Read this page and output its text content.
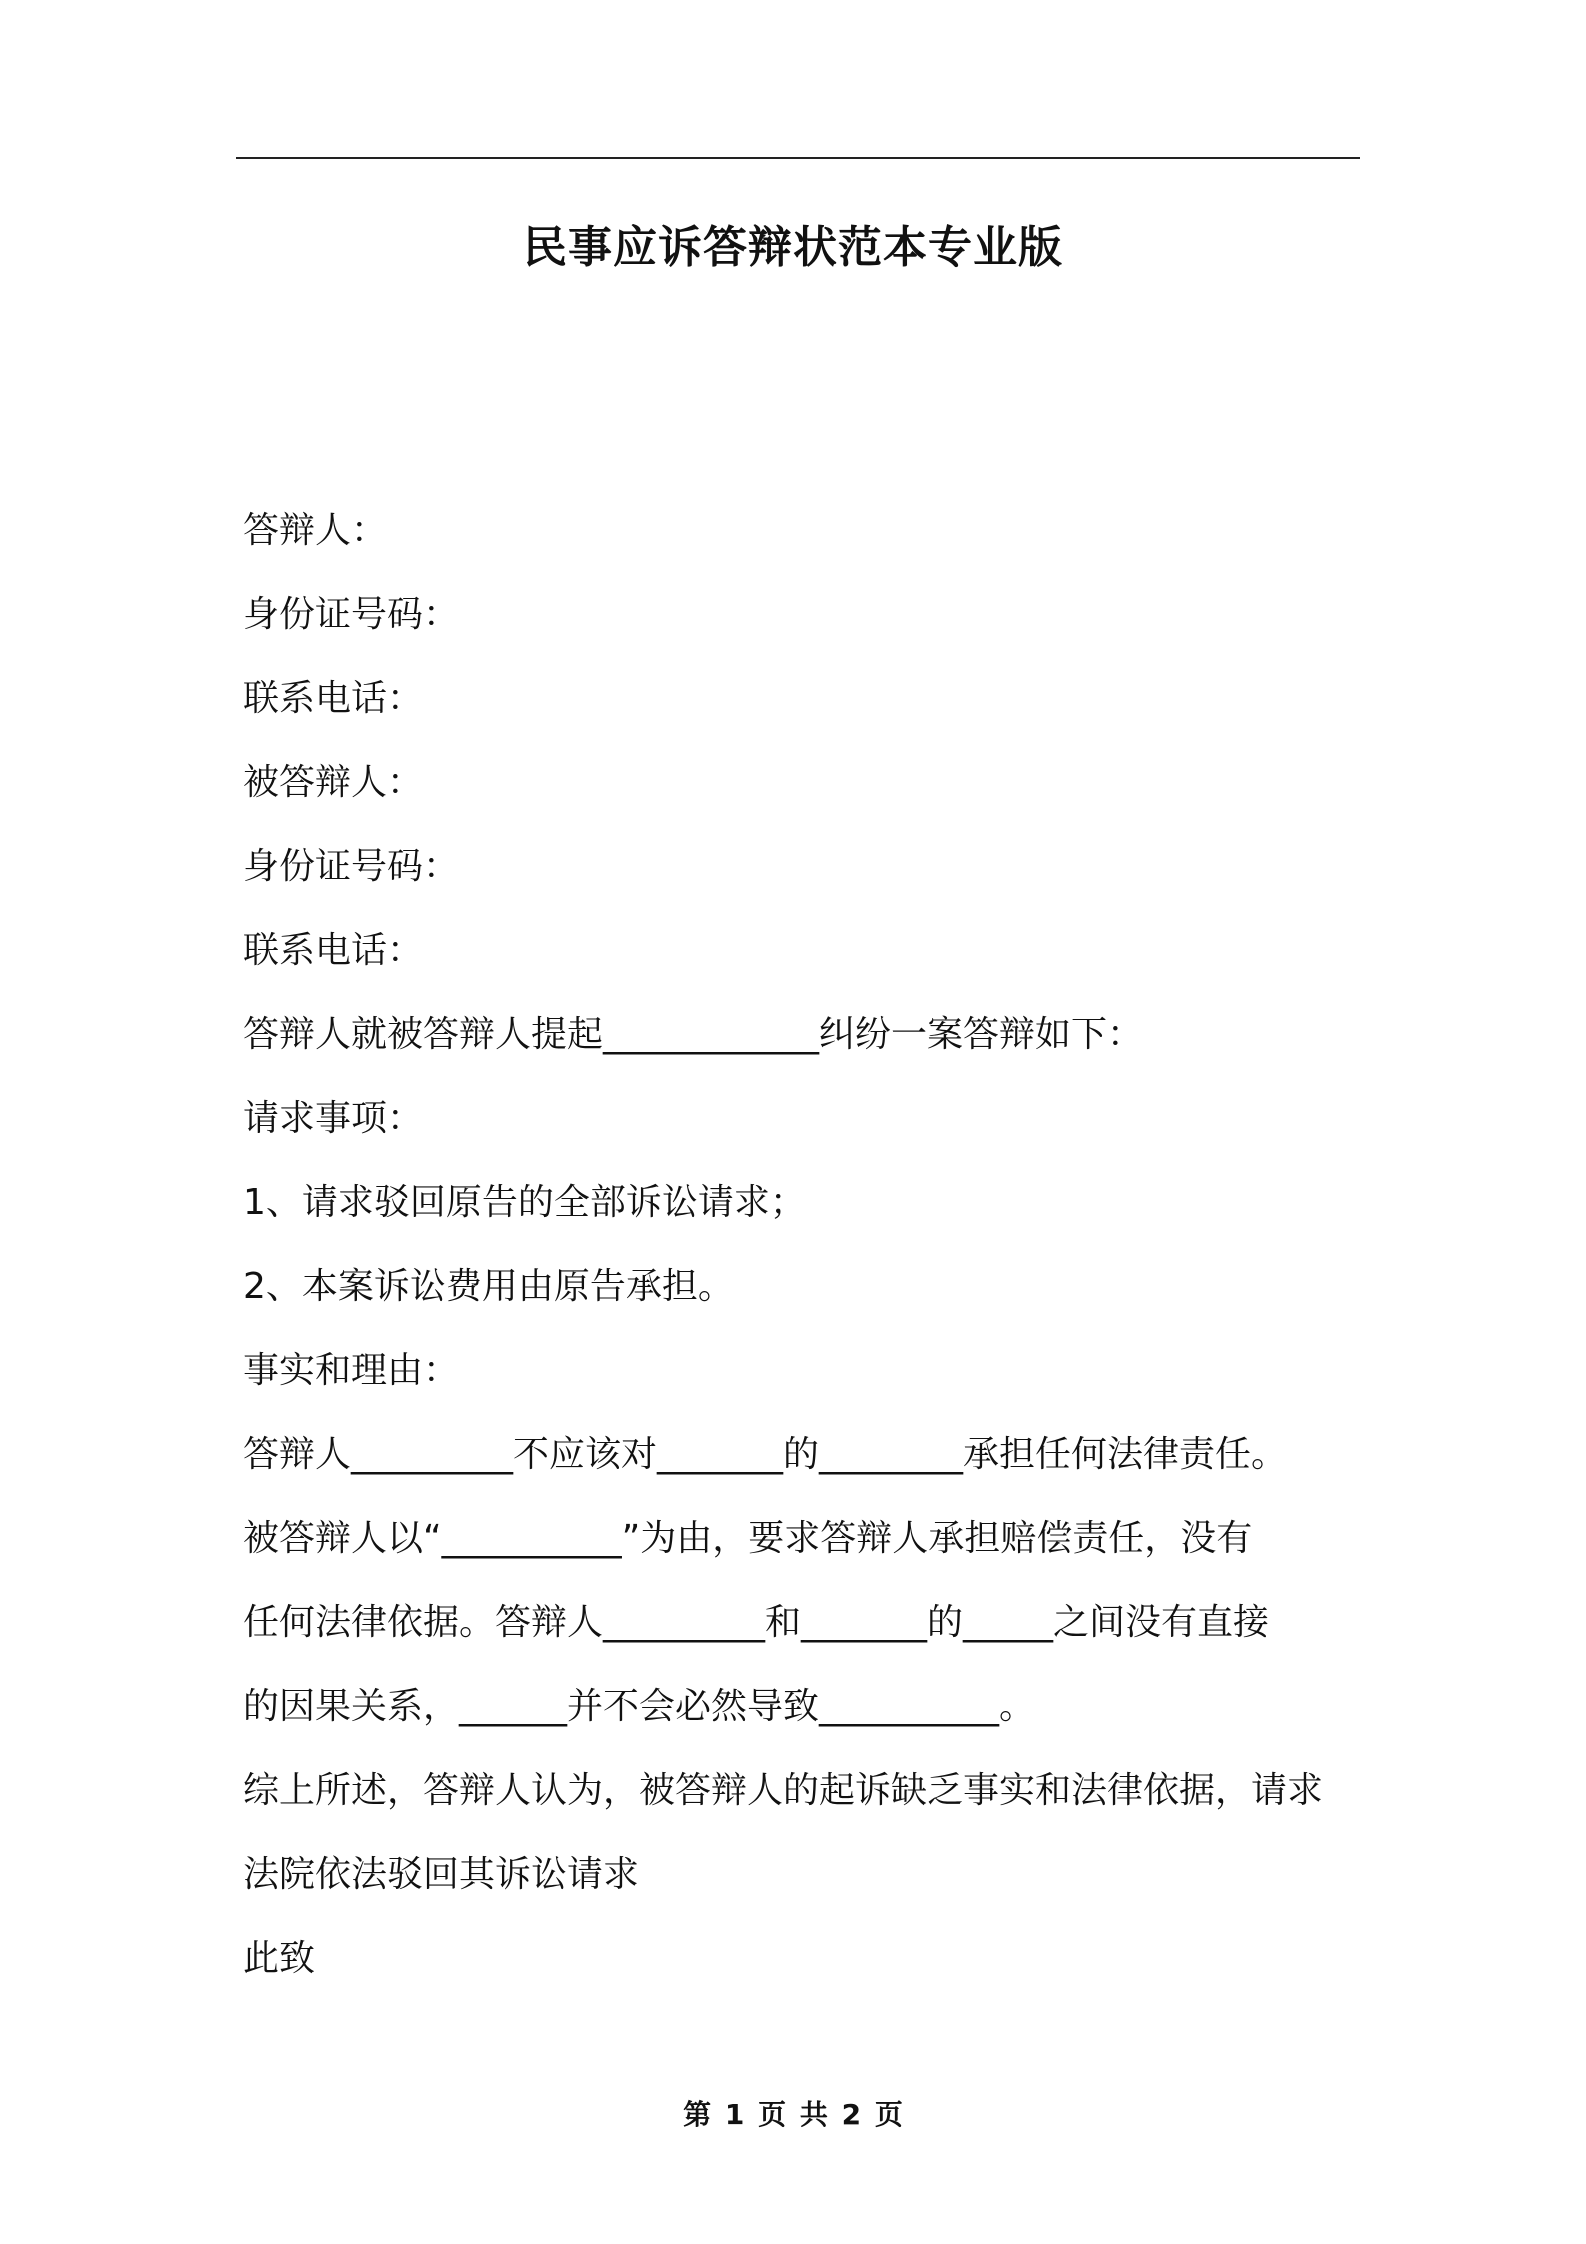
民事应诉答辩状范本专业版
答辩人：
身份证号码：
联系电话：
被答辩人：
身份证号码：
联系电话：
答辩人就被答辩人提起____________纠纷一案答辩如下：
请求事项：
1、请求驳回原告的全部诉讼请求；
2、本案诉讼费用由原告承担。
事实和理由：
答辩人_________不应该对_______的________承担任何法律责任。
被答辩人以“__________”为由，要求答辩人承担赔偿责任，没有
任何法律依据。答辩人_________和_______的_____之间没有直接
的因果关系，______并不会必然导致__________。
综上所述，答辩人认为，被答辩人的起诉缺乏事实和法律依据，请求
法院依法驳回其诉讼请求
此致
第 1 页 共 2 页
